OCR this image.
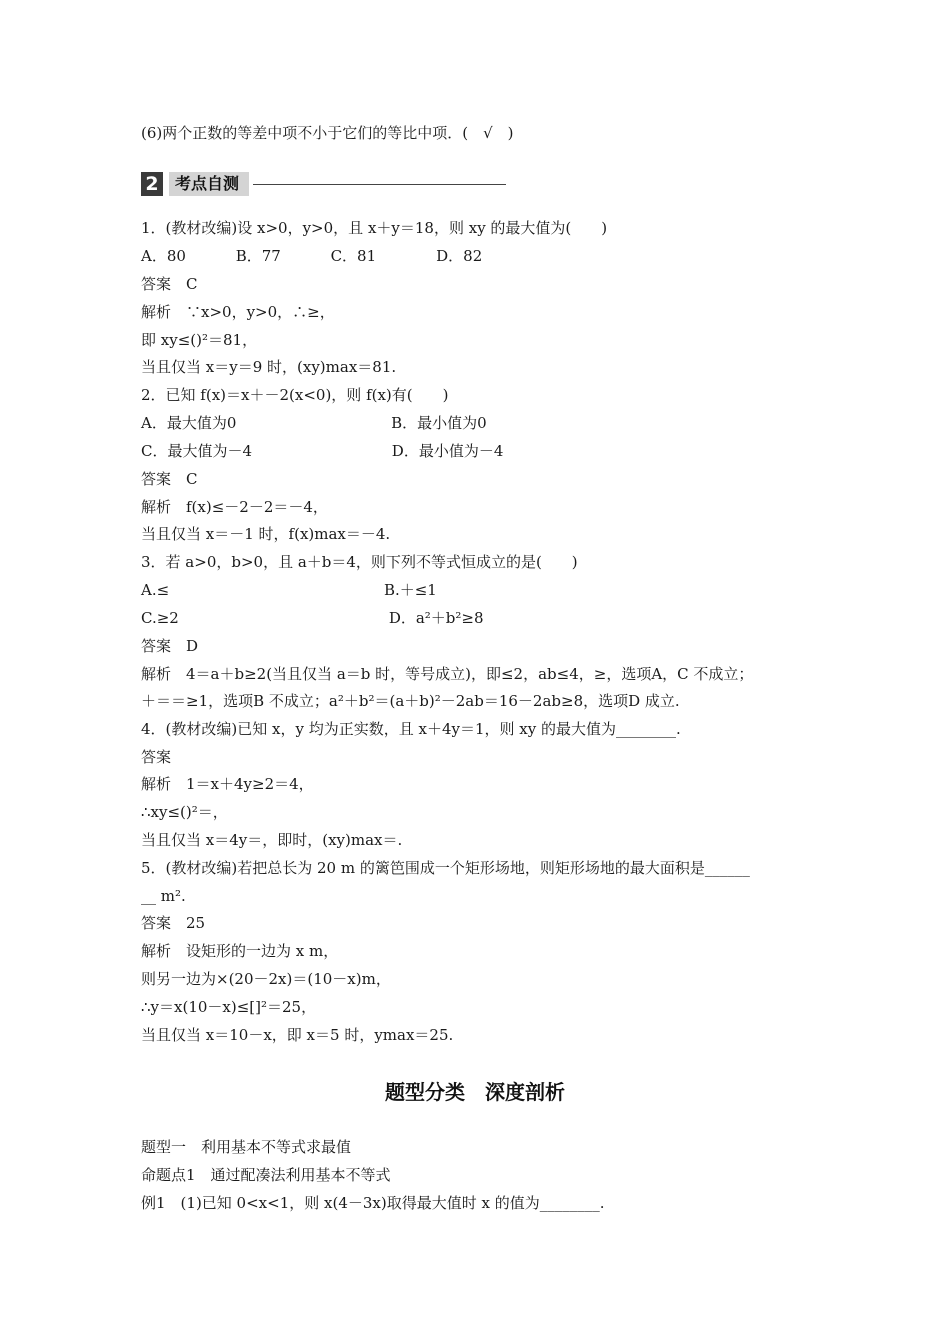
(6)两个正数的等差中项不小于它们的等比中项．(　√　)
2	考点自测
1．(教材改编)设 x>0，y>0，且 x＋y＝18，则 xy 的最大值为(　　)
A．80　　　 B．77　　　 C．81　　　　D．82
答案　C
解析　∵x>0，y>0，∴≥，
即 xy≤()²＝81，
当且仅当 x＝y＝9 时，(xy)max＝81.
2．已知 f(x)＝x＋－2(x<0)，则 f(x)有(　　)
A．最大值为0　　　　　　　　　　 B．最小值为0
C．最大值为－4　　　　　　　　　 D．最小值为－4
答案　C
解析　f(x)≤－2－2＝－4，
当且仅当 x＝－1 时，f(x)max＝－4.
3．若 a>0，b>0，且 a＋b＝4，则下列不等式恒成立的是(　　)
A.≤　　　　　　　　　　　　　　 B.＋≤1
C.≥2　　　　　　　　　　　　　　D．a²＋b²≥8
答案　D
解析　4＝a＋b≥2(当且仅当 a＝b 时，等号成立)，即≤2，ab≤4，≥，选项A，C 不成立；
＋＝＝≥1，选项B 不成立；a²＋b²＝(a＋b)²－2ab＝16－2ab≥8，选项D 成立.
4．(教材改编)已知 x，y 均为正实数，且 x＋4y＝1，则 xy 的最大值为________.
答案
解析　1＝x＋4y≥2＝4，
∴xy≤()²＝，
当且仅当 x＝4y＝，即时，(xy)max＝.
5．(教材改编)若把总长为 20 m 的篱笆围成一个矩形场地，则矩形场地的最大面积是______
__ m².
答案　25
解析　设矩形的一边为 x m，
则另一边为×(20－2x)＝(10－x)m，
∴y＝x(10－x)≤[]²＝25，
当且仅当 x＝10－x，即 x＝5 时，ymax＝25.
题型分类　深度剖析
题型一　利用基本不等式求最值
命题点1　通过配凑法利用基本不等式
例1　(1)已知 0<x<1，则 x(4－3x)取得最大值时 x 的值为________.
